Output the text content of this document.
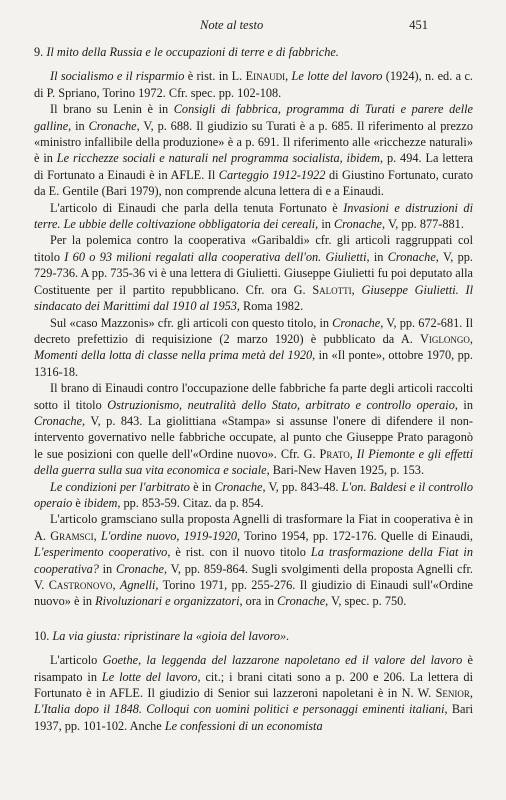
Note al testo	451
9. Il mito della Russia e le occupazioni di terre e di fabbriche.

Il socialismo e il risparmio è rist. in L. Einaudi, Le lotte del lavoro (1924), n. ed. a c. di P. Spriano, Torino 1972. Cfr. spec. pp. 102-108.

Il brano su Lenin è in Consigli di fabbrica, programma di Turati e parere delle galline, in Cronache, V, p. 688. Il giudizio su Turati è a p. 685. Il riferimento al prezzo «ministro infallibile della produzione» è a p. 691. Il riferimento alle «ricchezze naturali» è in Le ricchezze sociali e naturali nel programma socialista, ibidem, p. 494. La lettera di Fortunato a Einaudi è in AFLE. Il Carteggio 1912-1922 di Giustino Fortunato, curato da E. Gentile (Bari 1979), non comprende alcuna lettera di e a Einaudi.

L'articolo di Einaudi che parla della tenuta Fortunato è Invasioni e distruzioni di terre. Le ubbie delle coltivazione obbligatoria dei cereali, in Cronache, V, pp. 877-881.

Per la polemica contro la cooperativa «Garibaldi» cfr. gli articoli raggruppati col titolo I 60 o 93 milioni regalati alla cooperativa dell'on. Giulietti, in Cronache, V, pp. 729-736. A pp. 735-36 vi è una lettera di Giulietti. Giuseppe Giulietti fu poi deputato alla Costituente per il partito repubblicano. Cfr. ora G. Salotti, Giuseppe Giulietti. Il sindacato dei Marittimi dal 1910 al 1953, Roma 1982.

Sul «caso Mazzonis» cfr. gli articoli con questo titolo, in Cronache, V, pp. 672-681. Il decreto prefettizio di requisizione (2 marzo 1920) è pubblicato da A. Viglongo, Momenti della lotta di classe nella prima metà del 1920, in «Il ponte», ottobre 1970, pp. 1316-18.

Il brano di Einaudi contro l'occupazione delle fabbriche fa parte degli articoli raccolti sotto il titolo Ostruzionismo, neutralità dello Stato, arbitrato e controllo operaio, in Cronache, V, p. 843. La giolittiana «Stampa» si assunse l'onere di difendere il non-intervento governativo nelle fabbriche occupate, al punto che Giuseppe Prato paragonò le sue posizioni con quelle dell'«Ordine nuovo». Cfr. G. Prato, Il Piemonte e gli effetti della guerra sulla sua vita economica e sociale, Bari-New Haven 1925, p. 153.

Le condizioni per l'arbitrato è in Cronache, V, pp. 843-48. L'on. Baldesi e il controllo operaio è ibidem, pp. 853-59. Citaz. da p. 854.

L'articolo gramsciano sulla proposta Agnelli di trasformare la Fiat in cooperativa è in A. Gramsci, L'ordine nuovo, 1919-1920, Torino 1954, pp. 172-176. Quelle di Einaudi, L'esperimento cooperativo, è rist. con il nuovo titolo La trasformazione della Fiat in cooperativa? in Cronache, V, pp. 859-864. Sugli svolgimenti della proposta Agnelli cfr. V. Castronovo, Agnelli, Torino 1971, pp. 255-276. Il giudizio di Einaudi sull'«Ordine nuovo» è in Rivoluzionari e organizzatori, ora in Cronache, V, spec. p. 750.

10. La via giusta: ripristinare la «gioia del lavoro».

L'articolo Goethe, la leggenda del lazzarone napoletano ed il valore del lavoro è risampato in Le lotte del lavoro, cit.; i brani citati sono a p. 200 e 206. La lettera di Fortunato è in AFLE. Il giudizio di Senior sui lazzeroni napoletani è in N. W. Senior, L'Italia dopo il 1848. Colloqui con uomini politici e personaggi eminenti italiani, Bari 1937, pp. 101-102. Anche Le confessioni di un economista
